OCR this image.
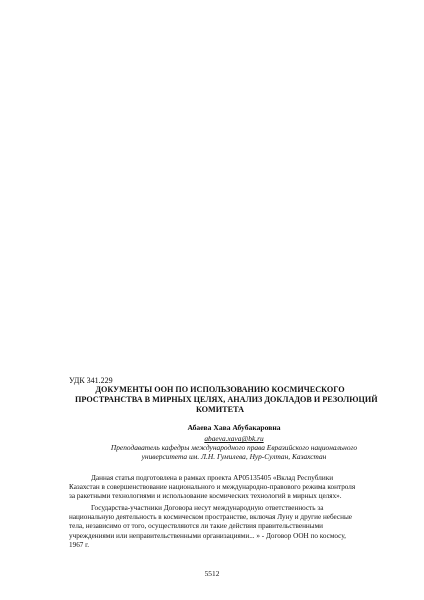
УДК 341.229
ДОКУМЕНТЫ ООН ПО ИСПОЛЬЗОВАНИЮ КОСМИЧЕСКОГО
ПРОСТРАНСТВА В МИРНЫХ ЦЕЛЯХ, АНАЛИЗ ДОКЛАДОВ И РЕЗОЛЮЦИЙ
КОМИТЕТА
Абаева Хава Абубакаровна
abaeva.xava@bk.ru
Преподаватель кафедры международного права Евразийского национального
университета им. Л.Н. Гумилева, Нур-Султан, Казахстан
Данная статья подготовлена в рамках проекта AP05135405 «Вклад Республики
Казахстан в совершенствование национального и международно-правового режима контроля
за ракетными технологиями и использование космических технологий в мирных целях».
Государства-участники Договора несут международную ответственность за
национальную деятельность в космическом пространстве, включая Луну и другие небесные
тела, независимо от того, осуществляются ли такие действия правительственными
учреждениями или неправительственными организациями... » - Договор ООН по космосу,
1967 г.
5512
